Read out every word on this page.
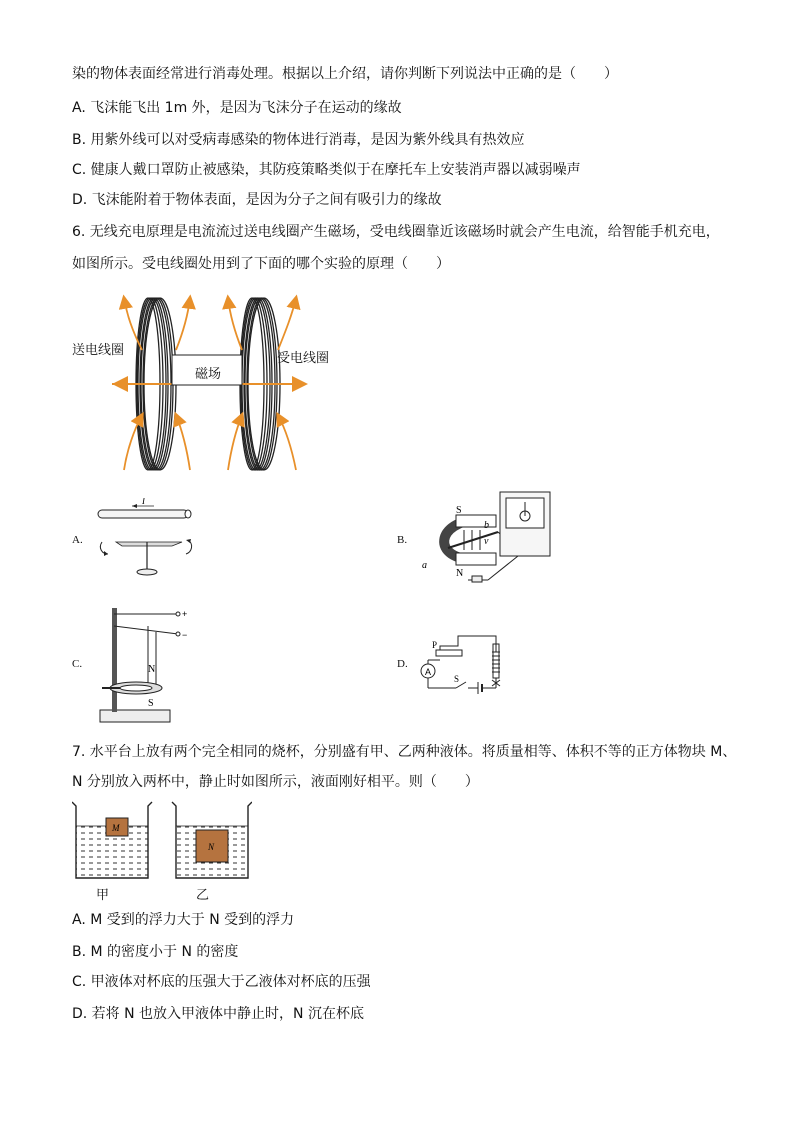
染的物体表面经常进行消毒处理。根据以上介绍，请你判断下列说法中正确的是（　　）
A. 飞沫能飞出 1m 外，是因为飞沫分子在运动的缘故
B. 用紫外线可以对受病毒感染的物体进行消毒，是因为紫外线具有热效应
C. 健康人戴口罩防止被感染，其防疫策略类似于在摩托车上安装消声器以减弱噪声
D. 飞沫能附着于物体表面，是因为分子之间有吸引力的缘故
6. 无线充电原理是电流流过送电线圈产生磁场，受电线圈靠近该磁场时就会产生电流，给智能手机充电，
如图所示。受电线圈处用到了下面的哪个实验的原理（　　）
送电线圈
受电线圈
磁场
A.
I
B.
S
N
a
b
v
C.
+
−
N
S
D.
P
A
S
7. 水平台上放有两个完全相同的烧杯，分别盛有甲、乙两种液体。将质量相等、体积不等的正方体物块 M、
N 分别放入两杯中，静止时如图所示，液面刚好相平。则（　　）
M
N
甲	乙
A. M 受到的浮力大于 N 受到的浮力
B. M 的密度小于 N 的密度
C. 甲液体对杯底的压强大于乙液体对杯底的压强
D. 若将 N 也放入甲液体中静止时，N 沉在杯底
